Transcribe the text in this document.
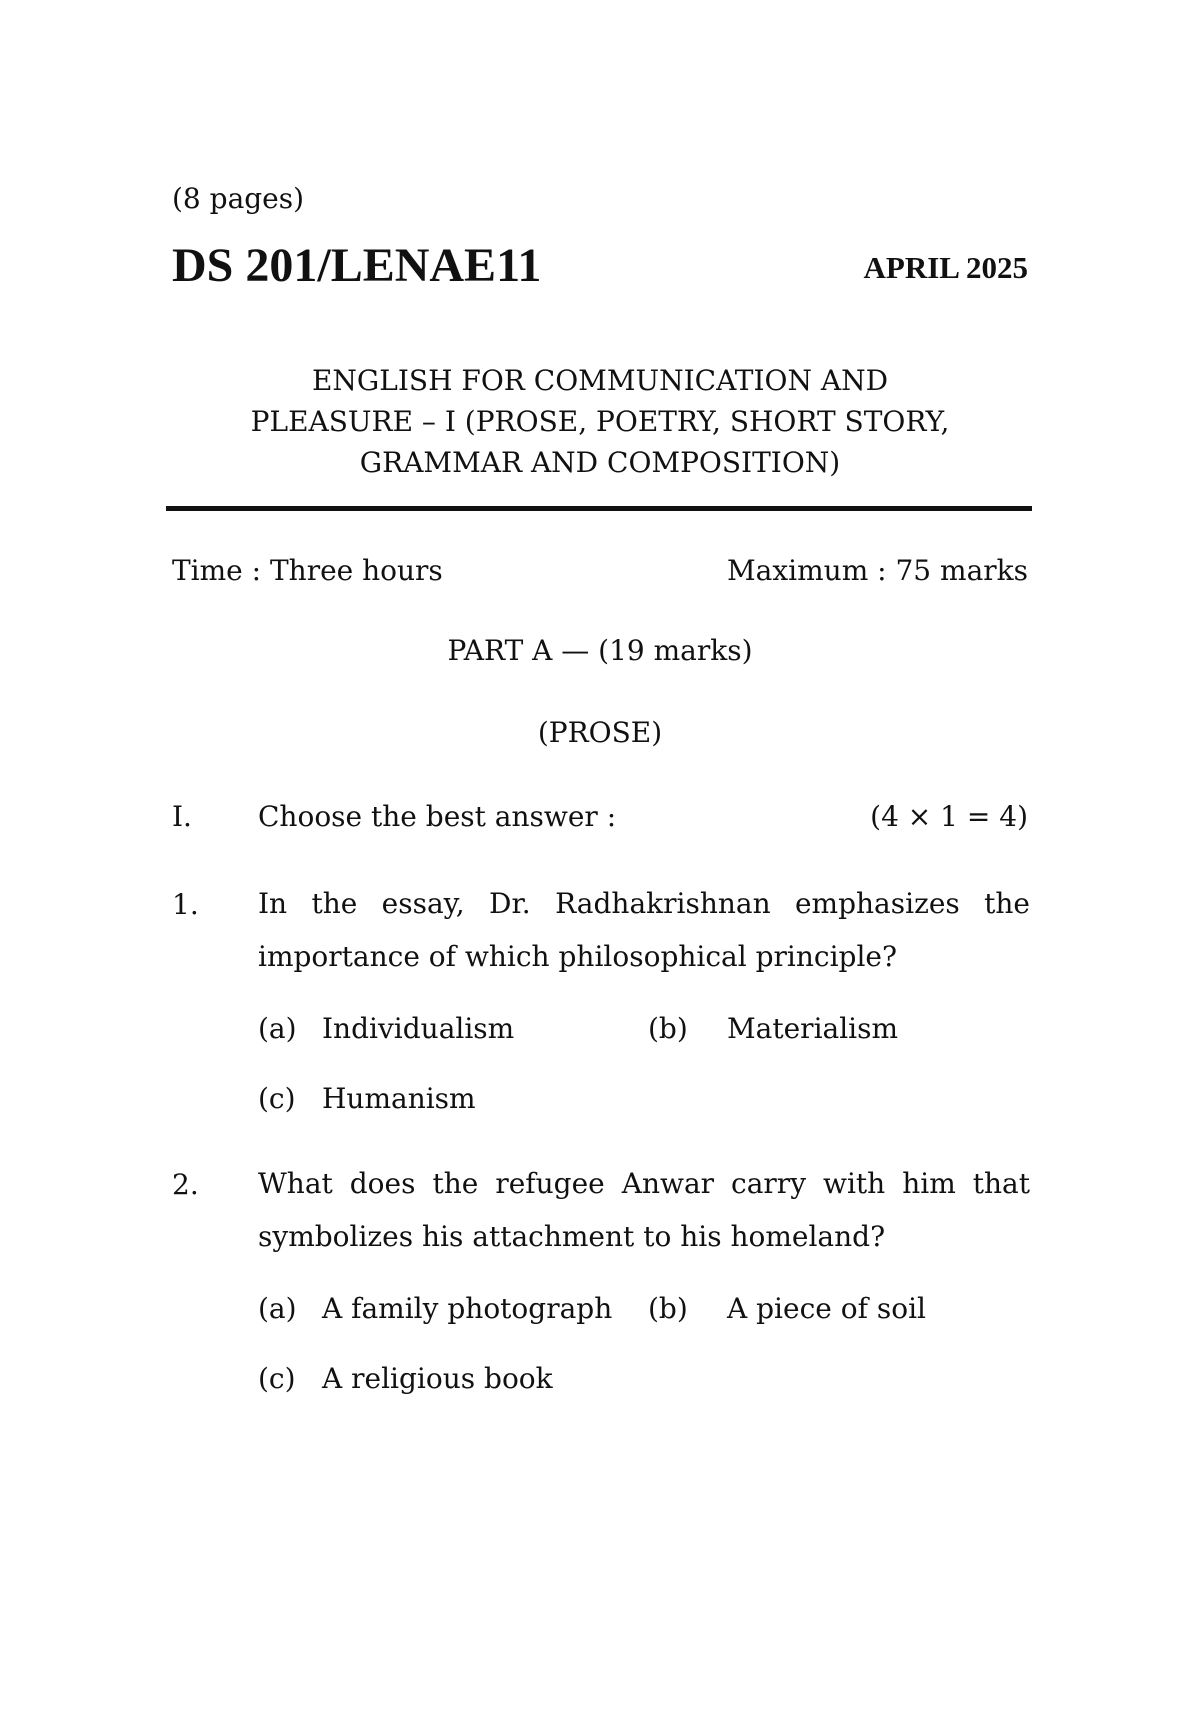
(8 pages)
DS 201/LENAE11	APRIL 2025
ENGLISH FOR COMMUNICATION AND
PLEASURE – I (PROSE, POETRY, SHORT STORY,
GRAMMAR AND COMPOSITION)
Time : Three hours	Maximum : 75 marks
PART A — (19 marks)
(PROSE)
I. Choose the best answer :	(4 × 1 = 4)
1. In the essay, Dr. Radhakrishnan emphasizes the importance of which philosophical principle?
(a) Individualism	(b) Materialism
(c) Humanism
2. What does the refugee Anwar carry with him that symbolizes his attachment to his homeland?
(a) A family photograph (b) A piece of soil
(c) A religious book
